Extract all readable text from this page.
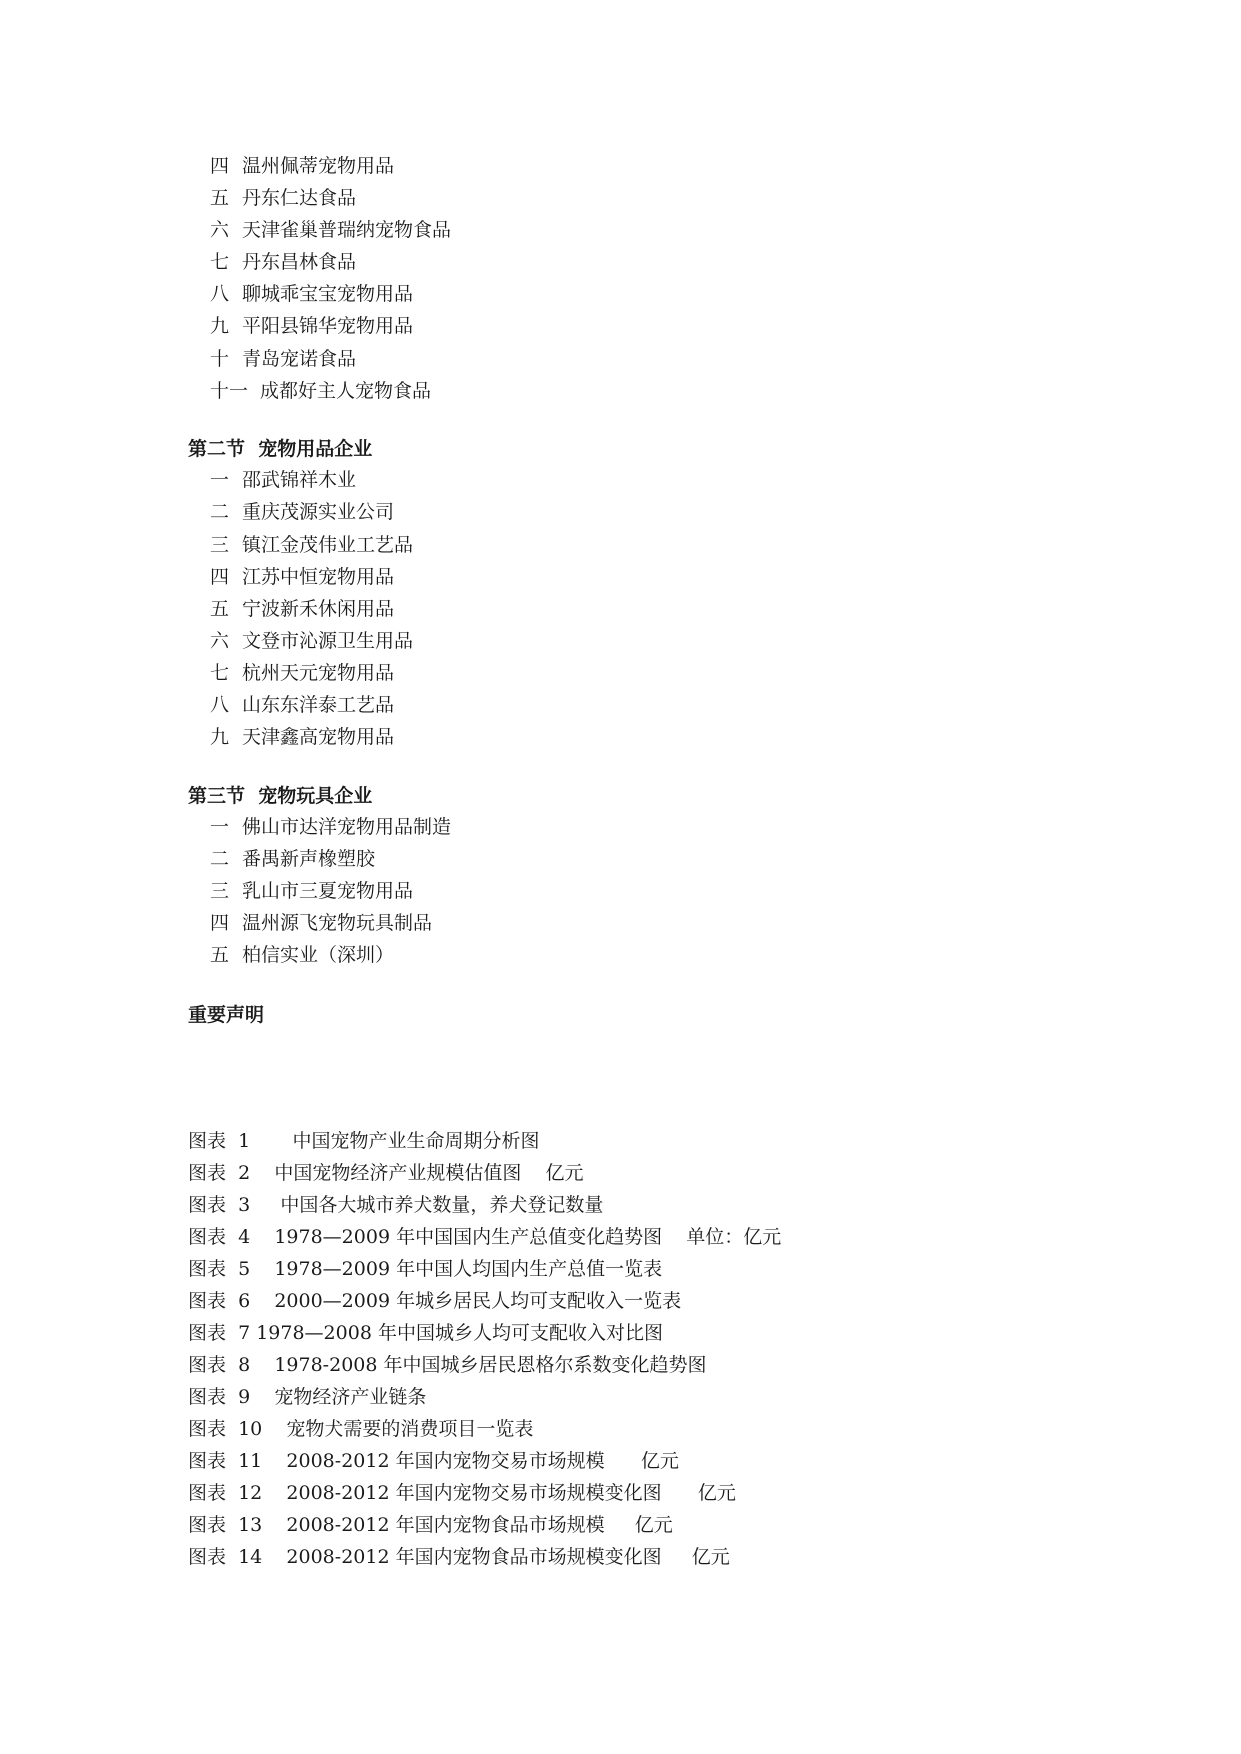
四 温州佩蒂宠物用品
五 丹东仁达食品
六 天津雀巢普瑞纳宠物食品
七 丹东昌林食品
八 聊城乖宝宝宠物用品
九 平阳县锦华宠物用品
十 青岛宠诺食品
十一 成都好主人宠物食品
第二节  宠物用品企业
一 邵武锦祥木业
二 重庆茂源实业公司
三 镇江金茂伟业工艺品
四 江苏中恒宠物用品
五 宁波新禾休闲用品
六 文登市沁源卫生用品
七 杭州天元宠物用品
八 山东东洋泰工艺品
九 天津鑫高宠物用品
第三节  宠物玩具企业
一 佛山市达洋宠物用品制造
二 番禺新声橡塑胶
三 乳山市三夏宠物用品
四 温州源飞宠物玩具制品
五 柏信实业（深圳）
重要声明
图表  1       中国宠物产业生命周期分析图
图表  2    中国宠物经济产业规模估值图    亿元
图表  3     中国各大城市养犬数量，养犬登记数量
图表  4    1978—2009 年中国国内生产总值变化趋势图    单位：亿元
图表  5    1978—2009 年中国人均国内生产总值一览表
图表  6    2000—2009 年城乡居民人均可支配收入一览表
图表  7 1978—2008 年中国城乡人均可支配收入对比图
图表  8    1978-2008 年中国城乡居民恩格尔系数变化趋势图
图表  9    宠物经济产业链条
图表  10    宠物犬需要的消费项目一览表
图表  11    2008-2012 年国内宠物交易市场规模      亿元
图表  12    2008-2012 年国内宠物交易市场规模变化图      亿元
图表  13    2008-2012 年国内宠物食品市场规模     亿元
图表  14    2008-2012 年国内宠物食品市场规模变化图     亿元
